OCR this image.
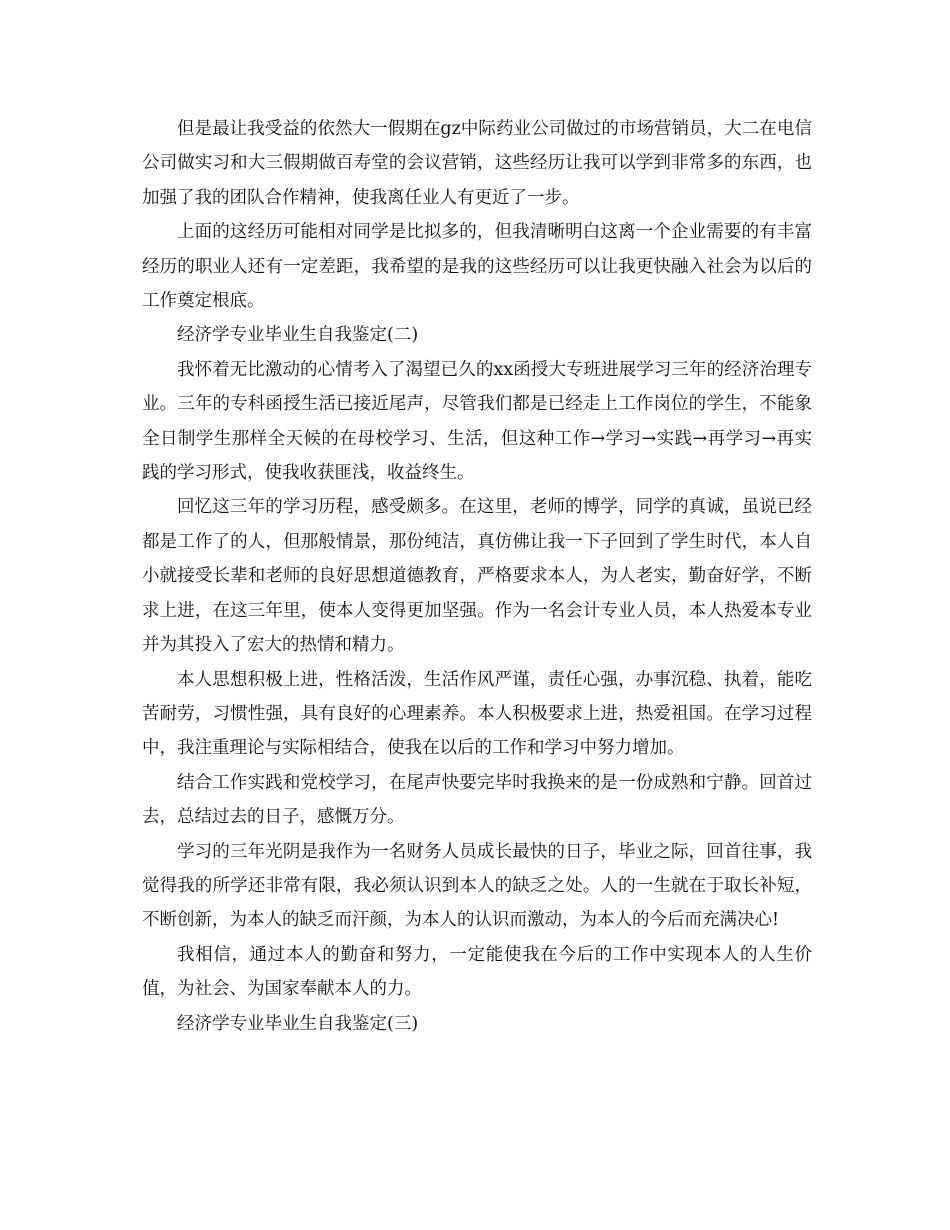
但是最让我受益的依然大一假期在gz中际药业公司做过的市场营销员，大二在电信公司做实习和大三假期做百寿堂的会议营销，这些经历让我可以学到非常多的东西，也加强了我的团队合作精神，使我离任业人有更近了一步。

上面的这经历可能相对同学是比拟多的，但我清晰明白这离一个企业需要的有丰富经历的职业人还有一定差距，我希望的是我的这些经历可以让我更快融入社会为以后的工作奠定根底。

经济学专业毕业生自我鉴定(二)

我怀着无比激动的心情考入了渴望已久的xx函授大专班进展学习三年的经济治理专业。三年的专科函授生活已接近尾声，尽管我们都是已经走上工作岗位的学生，不能象全日制学生那样全天候的在母校学习、生活，但这种工作→学习→实践→再学习→再实践的学习形式，使我收获匪浅，收益终生。

回忆这三年的学习历程，感受颇多。在这里，老师的博学，同学的真诚，虽说已经都是工作了的人，但那般情景，那份纯洁，真仿佛让我一下子回到了学生时代，本人自小就接受长辈和老师的良好思想道德教育，严格要求本人，为人老实，勤奋好学，不断求上进，在这三年里，使本人变得更加坚强。作为一名会计专业人员，本人热爱本专业并为其投入了宏大的热情和精力。

本人思想积极上进，性格活泼，生活作风严谨，责任心强，办事沉稳、执着，能吃苦耐劳，习惯性强，具有良好的心理素养。本人积极要求上进，热爱祖国。在学习过程中，我注重理论与实际相结合，使我在以后的工作和学习中努力增加。

结合工作实践和党校学习，在尾声快要完毕时我换来的是一份成熟和宁静。回首过去，总结过去的日子，感慨万分。

学习的三年光阴是我作为一名财务人员成长最快的日子，毕业之际，回首往事，我觉得我的所学还非常有限，我必须认识到本人的缺乏之处。人的一生就在于取长补短，不断创新，为本人的缺乏而汗颜，为本人的认识而激动，为本人的今后而充满决心!

我相信，通过本人的勤奋和努力，一定能使我在今后的工作中实现本人的人生价值，为社会、为国家奉献本人的力。

经济学专业毕业生自我鉴定(三)
